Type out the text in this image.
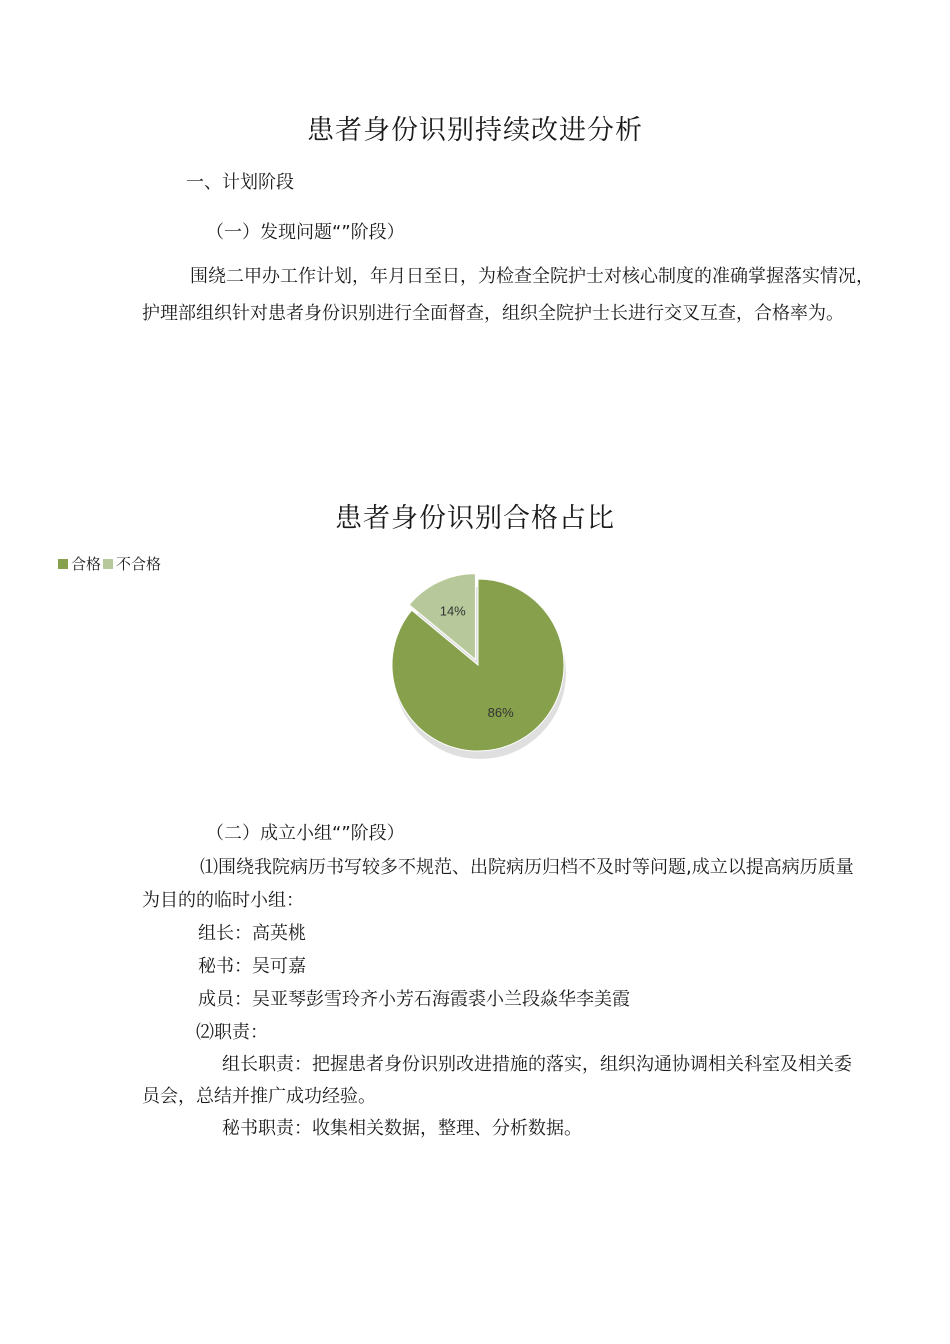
患者身份识别持续改进分析
一、计划阶段
（一）发现问题“”阶段）
围绕二甲办工作计划，年月日至日，为检查全院护士对核心制度的准确掌握落实情况，
护理部组织针对患者身份识别进行全面督查，组织全院护士长进行交叉互查，合格率为。
患者身份识别合格占比
合格 不合格
86%
14%
（二）成立小组“”阶段）
⑴围绕我院病历书写较多不规范、出院病历归档不及时等问题,成立以提高病历质量
为目的的临时小组：
组长：高英桃
秘书：吴可嘉
成员：吴亚琴彭雪玲齐小芳石海霞裘小兰段焱华李美霞
⑵职责：
组长职责：把握患者身份识别改进措施的落实，组织沟通协调相关科室及相关委
员会，总结并推广成功经验。
秘书职责：收集相关数据，整理、分析数据。
